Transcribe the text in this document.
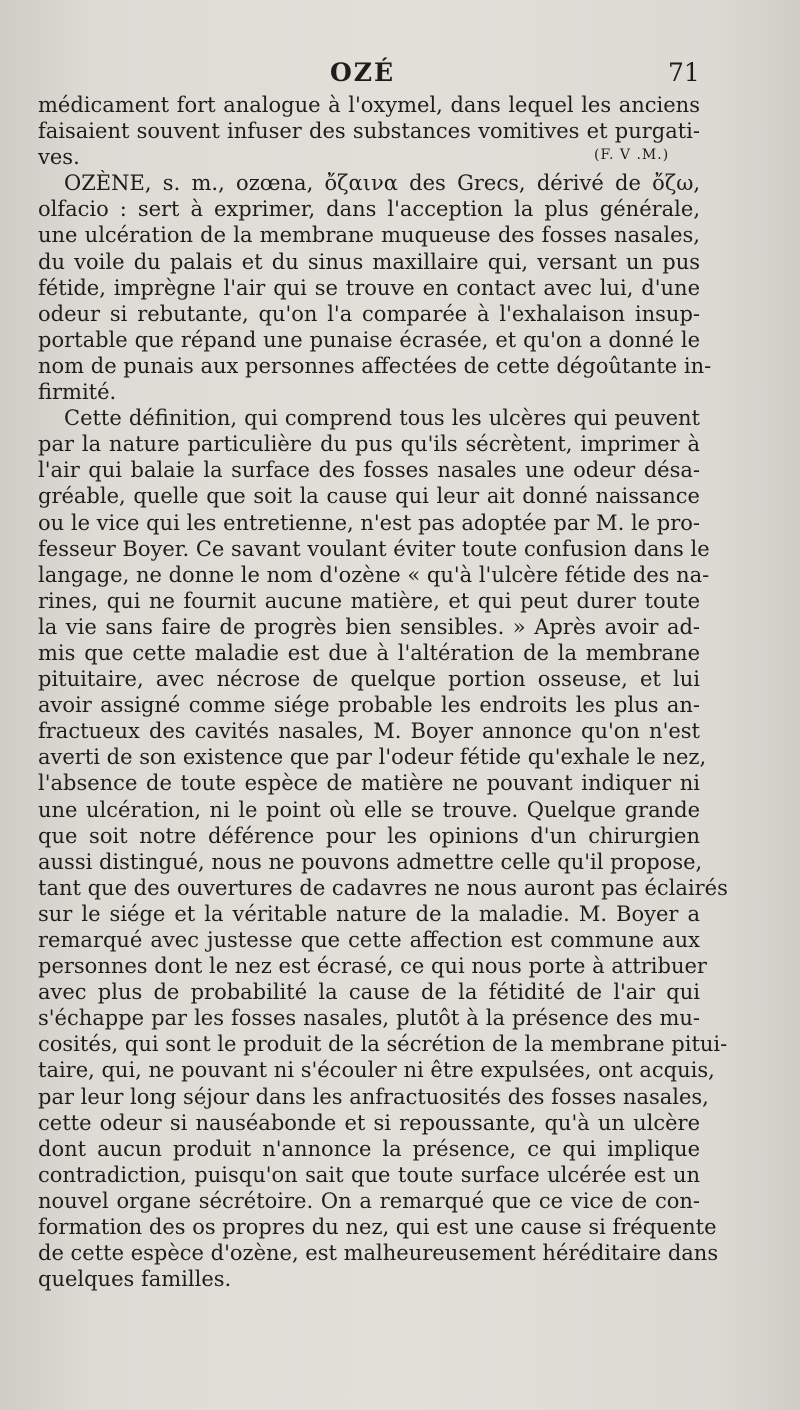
OZÉ	71
(F. V .M.)
médicament fort analogue à l'oxymel, dans lequel les anciens
faisaient souvent infuser des substances vomitives et purgati-
ves.
OZÈNE, s. m., ozœna, ὄζαινα des Grecs, dérivé de ὄζω,
olfacio : sert à exprimer, dans l'acception la plus générale,
une ulcération de la membrane muqueuse des fosses nasales,
du voile du palais et du sinus maxillaire qui, versant un pus
fétide, imprègne l'air qui se trouve en contact avec lui, d'une
odeur si rebutante, qu'on l'a comparée à l'exhalaison insup-
portable que répand une punaise écrasée, et qu'on a donné le
nom de punais aux personnes affectées de cette dégoûtante in-
firmité.
Cette définition, qui comprend tous les ulcères qui peuvent
par la nature particulière du pus qu'ils sécrètent, imprimer à
l'air qui balaie la surface des fosses nasales une odeur désa-
gréable, quelle que soit la cause qui leur ait donné naissance
ou le vice qui les entretienne, n'est pas adoptée par M. le pro-
fesseur Boyer. Ce savant voulant éviter toute confusion dans le
langage, ne donne le nom d'ozène « qu'à l'ulcère fétide des na-
rines, qui ne fournit aucune matière, et qui peut durer toute
la vie sans faire de progrès bien sensibles. » Après avoir ad-
mis que cette maladie est due à l'altération de la membrane
pituitaire, avec nécrose de quelque portion osseuse, et lui
avoir assigné comme siége probable les endroits les plus an-
fractueux des cavités nasales, M. Boyer annonce qu'on n'est
averti de son existence que par l'odeur fétide qu'exhale le nez,
l'absence de toute espèce de matière ne pouvant indiquer ni
une ulcération, ni le point où elle se trouve. Quelque grande
que soit notre déférence pour les opinions d'un chirurgien
aussi distingué, nous ne pouvons admettre celle qu'il propose,
tant que des ouvertures de cadavres ne nous auront pas éclairés
sur le siége et la véritable nature de la maladie. M. Boyer a
remarqué avec justesse que cette affection est commune aux
personnes dont le nez est écrasé, ce qui nous porte à attribuer
avec plus de probabilité la cause de la fétidité de l'air qui
s'échappe par les fosses nasales, plutôt à la présence des mu-
cosités, qui sont le produit de la sécrétion de la membrane pitui-
taire, qui, ne pouvant ni s'écouler ni être expulsées, ont acquis,
par leur long séjour dans les anfractuosités des fosses nasales,
cette odeur si nauséabonde et si repoussante, qu'à un ulcère
dont aucun produit n'annonce la présence, ce qui implique
contradiction, puisqu'on sait que toute surface ulcérée est un
nouvel organe sécrétoire. On a remarqué que ce vice de con-
formation des os propres du nez, qui est une cause si fréquente
de cette espèce d'ozène, est malheureusement héréditaire dans
quelques familles.
